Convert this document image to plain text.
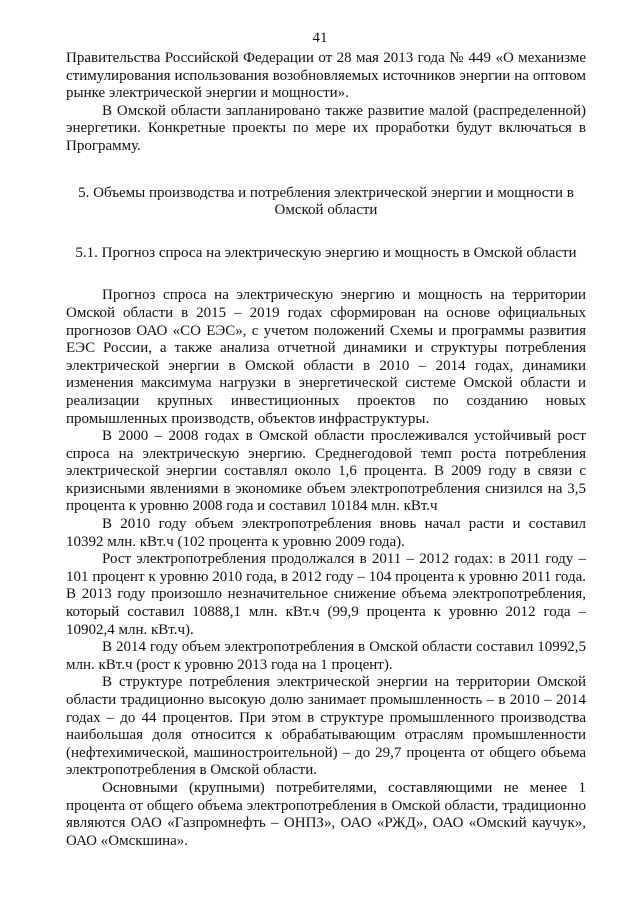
41

Правительства Российской Федерации от 28 мая 2013 года № 449 «О механизме стимулирования использования возобновляемых источников энергии на оптовом рынке электрической энергии и мощности».

В Омской области запланировано также развитие малой (распределенной) энергетики. Конкретные проекты по мере их проработки будут включаться в Программу.

5. Объемы производства и потребления электрической энергии и мощности в Омской области

5.1. Прогноз спроса на электрическую энергию и мощность в Омской области

Прогноз спроса на электрическую энергию и мощность на территории Омской области в 2015 – 2019 годах сформирован на основе официальных прогнозов ОАО «СО ЕЭС», с учетом положений Схемы и программы развития ЕЭС России, а также анализа отчетной динамики и структуры потребления электрической энергии в Омской области в 2010 – 2014 годах, динамики изменения максимума нагрузки в энергетической системе Омской области и реализации крупных инвестиционных проектов по созданию новых промышленных производств, объектов инфраструктуры.

В 2000 – 2008 годах в Омской области прослеживался устойчивый рост спроса на электрическую энергию. Среднегодовой темп роста потребления электрической энергии составлял около 1,6 процента. В 2009 году в связи с кризисными явлениями в экономике объем электропотребления снизился на 3,5 процента к уровню 2008 года и составил 10184 млн. кВт.ч

В 2010 году объем электропотребления вновь начал расти и составил 10392 млн. кВт.ч (102 процента к уровню 2009 года).

Рост электропотребления продолжался в 2011 – 2012 годах: в 2011 году – 101 процент к уровню 2010 года, в 2012 году – 104 процента к уровню 2011 года. В 2013 году произошло незначительное снижение объема электропотребления, который составил 10888,1 млн. кВт.ч (99,9 процента к уровню 2012 года – 10902,4 млн. кВт.ч).

В 2014 году объем электропотребления в Омской области составил 10992,5 млн. кВт.ч (рост к уровню 2013 года на 1 процент).

В структуре потребления электрической энергии на территории Омской области традиционно высокую долю занимает промышленность – в 2010 – 2014 годах – до 44 процентов. При этом в структуре промышленного производства наибольшая доля относится к обрабатывающим отраслям промышленности (нефтехимической, машиностроительной) – до 29,7 процента от общего объема электропотребления в Омской области.

Основными (крупными) потребителями, составляющими не менее 1 процента от общего объема электропотребления в Омской области, традиционно являются ОАО «Газпромнефть – ОНПЗ», ОАО «РЖД», ОАО «Омский каучук», ОАО «Омскшина».
